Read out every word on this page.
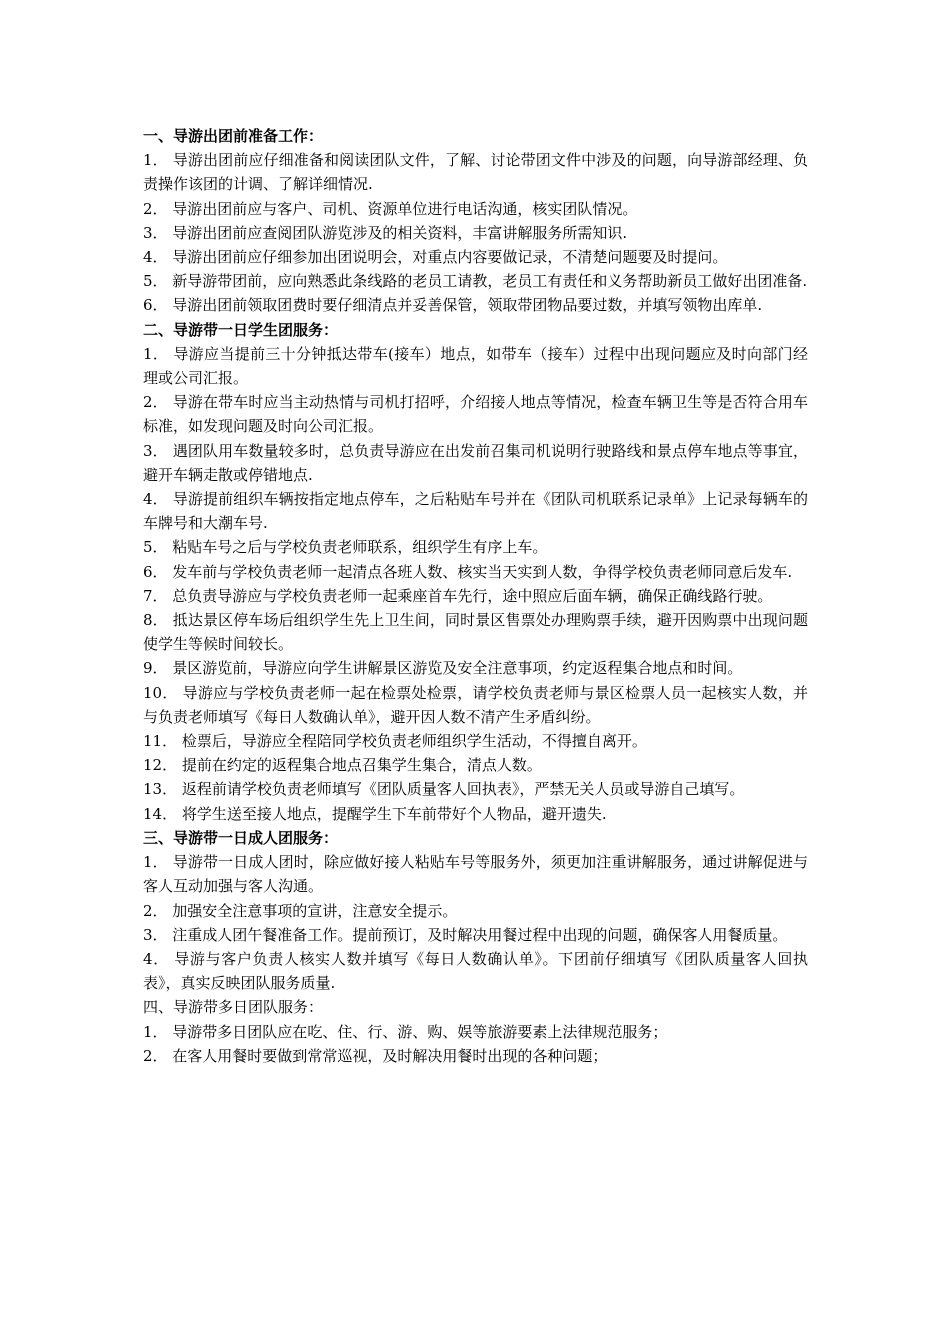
一、导游出团前准备工作：

1． 导游出团前应仔细准备和阅读团队文件，了解、讨论带团文件中涉及的问题，向导游部经理、负责操作该团的计调、了解详细情况.

2． 导游出团前应与客户、司机、资源单位进行电话沟通，核实团队情况。

3． 导游出团前应查阅团队游览涉及的相关资料，丰富讲解服务所需知识.

4． 导游出团前应仔细参加出团说明会，对重点内容要做记录，不清楚问题要及时提问。

5． 新导游带团前，应向熟悉此条线路的老员工请教，老员工有责任和义务帮助新员工做好出团准备.

6． 导游出团前领取团费时要仔细清点并妥善保管，领取带团物品要过数，并填写领物出库单.

二、导游带一日学生团服务：

1． 导游应当提前三十分钟抵达带车(接车）地点，如带车（接车）过程中出现问题应及时向部门经理或公司汇报。

2． 导游在带车时应当主动热情与司机打招呼，介绍接人地点等情况，检查车辆卫生等是否符合用车标准，如发现问题及时向公司汇报。

3． 遇团队用车数量较多时，总负责导游应在出发前召集司机说明行驶路线和景点停车地点等事宜，避开车辆走散或停错地点.

4． 导游提前组织车辆按指定地点停车，之后粘贴车号并在《团队司机联系记录单》上记录每辆车的车牌号和大潮车号.

5． 粘贴车号之后与学校负责老师联系，组织学生有序上车。

6． 发车前与学校负责老师一起清点各班人数、核实当天实到人数，争得学校负责老师同意后发车.

7． 总负责导游应与学校负责老师一起乘座首车先行，途中照应后面车辆，确保正确线路行驶。

8． 抵达景区停车场后组织学生先上卫生间，同时景区售票处办理购票手续，避开因购票中出现问题使学生等候时间较长。

9． 景区游览前，导游应向学生讲解景区游览及安全注意事项，约定返程集合地点和时间。

10． 导游应与学校负责老师一起在检票处检票，请学校负责老师与景区检票人员一起核实人数，并与负责老师填写《每日人数确认单》，避开因人数不清产生矛盾纠纷。

11． 检票后，导游应全程陪同学校负责老师组织学生活动，不得擅自离开。

12． 提前在约定的返程集合地点召集学生集合，清点人数。

13． 返程前请学校负责老师填写《团队质量客人回执表》，严禁无关人员或导游自己填写。

14． 将学生送至接人地点，提醒学生下车前带好个人物品，避开遗失.

三、导游带一日成人团服务：

1． 导游带一日成人团时，除应做好接人粘贴车号等服务外，须更加注重讲解服务，通过讲解促进与客人互动加强与客人沟通。

2． 加强安全注意事项的宣讲，注意安全提示。

3． 注重成人团午餐准备工作。提前预订，及时解决用餐过程中出现的问题，确保客人用餐质量。

4． 导游与客户负责人核实人数并填写《每日人数确认单》。下团前仔细填写《团队质量客人回执表》，真实反映团队服务质量.

四、导游带多日团队服务：

1． 导游带多日团队应在吃、住、行、游、购、娱等旅游要素上法律规范服务；

2． 在客人用餐时要做到常常巡视，及时解决用餐时出现的各种问题；
